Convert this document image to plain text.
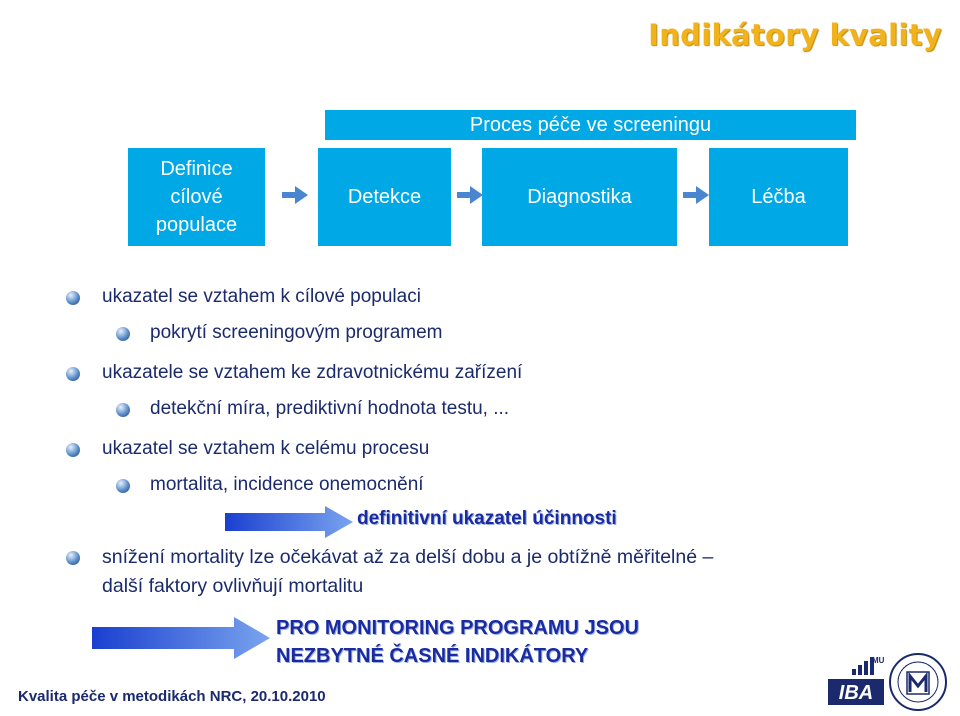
Indikátory kvality
Proces péče ve screeningu
Definice cílové populace
Detekce	Diagnostika	Léčba
ukazatel se vztahem k cílové populaci
pokrytí screeningovým programem
ukazatele se vztahem ke zdravotnickému zařízení
detekční míra, prediktivní hodnota testu, ...
ukazatel se vztahem k celému procesu
mortalita, incidence onemocnění
definitivní ukazatel účinnosti
snížení mortality lze očekávat až za delší dobu a je obtížně měřitelné –
další faktory ovlivňují mortalitu
PRO MONITORING PROGRAMU JSOU
NEZBYTNÉ ČASNÉ INDIKÁTORY
Kvalita péče v metodikách NRC, 20.10.2010
MU
IBA
